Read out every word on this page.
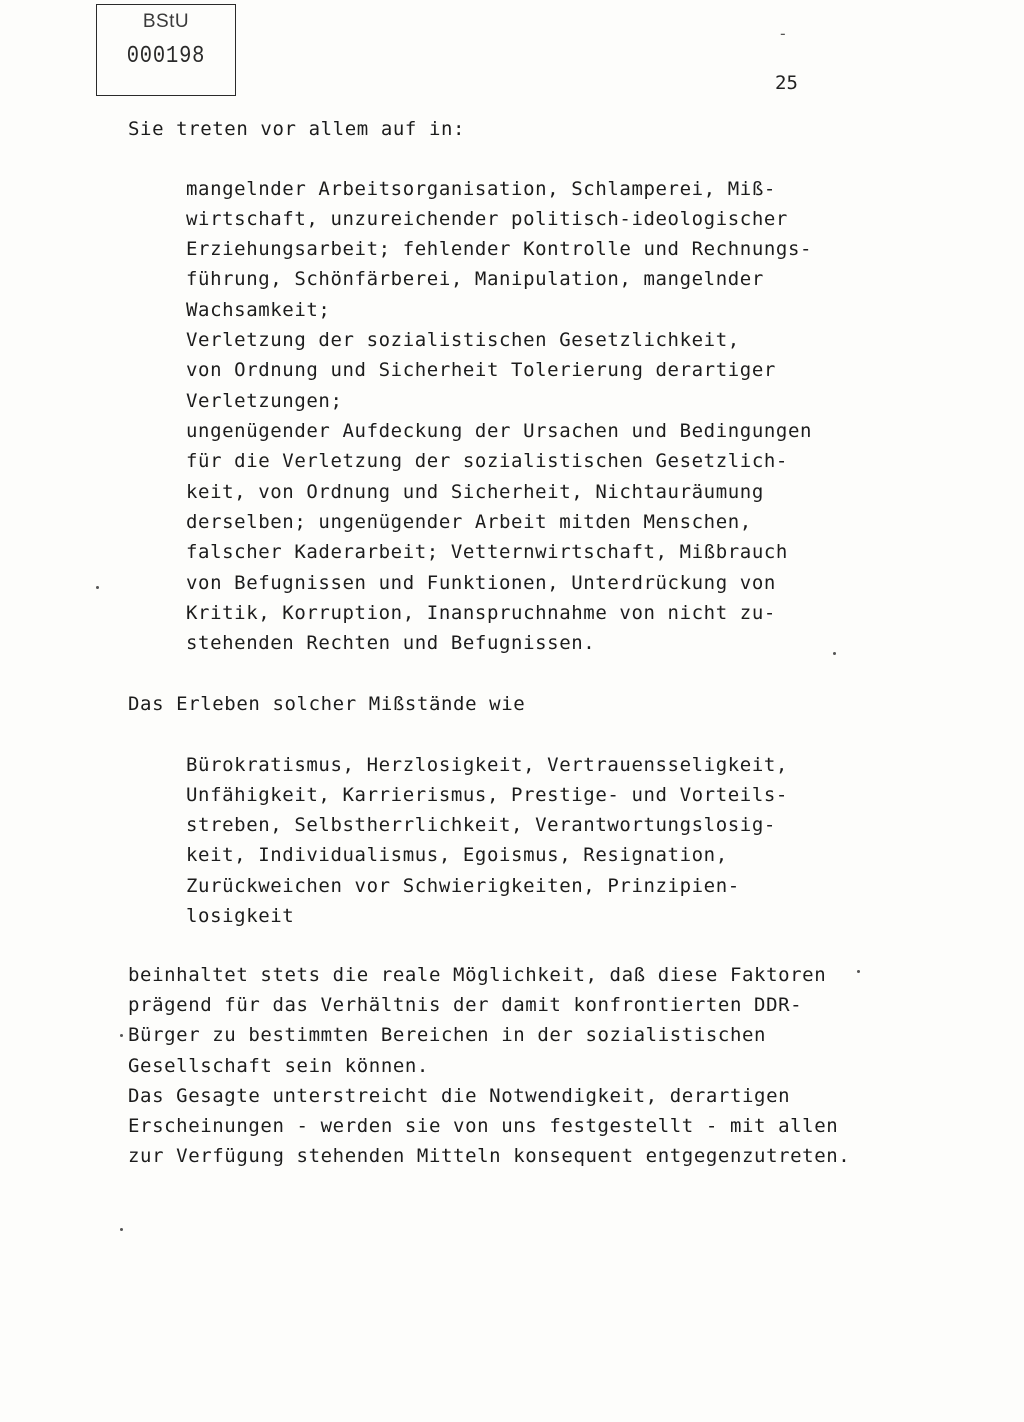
BStU
000198
-
25
Sie treten vor allem auf in:
mangelnder Arbeitsorganisation, Schlamperei, Miß-
wirtschaft, unzureichender politisch-ideologischer
Erziehungsarbeit; fehlender Kontrolle und Rechnungs-
führung, Schönfärberei, Manipulation, mangelnder
Wachsamkeit;
Verletzung der sozialistischen Gesetzlichkeit,
von Ordnung und Sicherheit Tolerierung derartiger
Verletzungen;
ungenügender Aufdeckung der Ursachen und Bedingungen
für die Verletzung der sozialistischen Gesetzlich-
keit, von Ordnung und Sicherheit, Nichtauräumung
derselben; ungenügender Arbeit mitden Menschen,
falscher Kaderarbeit; Vetternwirtschaft, Mißbrauch
von Befugnissen und Funktionen, Unterdrückung von
Kritik, Korruption, Inanspruchnahme von nicht zu-
stehenden Rechten und Befugnissen.
Das Erleben solcher Mißstände wie
Bürokratismus, Herzlosigkeit, Vertrauensseligkeit,
Unfähigkeit, Karrierismus, Prestige- und Vorteils-
streben, Selbstherrlichkeit, Verantwortungslosig-
keit, Individualismus, Egoismus, Resignation,
Zurückweichen vor Schwierigkeiten, Prinzipien-
losigkeit
beinhaltet stets die reale Möglichkeit, daß diese Faktoren
prägend für das Verhältnis der damit konfrontierten DDR-
Bürger zu bestimmten Bereichen in der sozialistischen
Gesellschaft sein können.
Das Gesagte unterstreicht die Notwendigkeit, derartigen
Erscheinungen - werden sie von uns festgestellt - mit allen
zur Verfügung stehenden Mitteln konsequent entgegenzutreten.
